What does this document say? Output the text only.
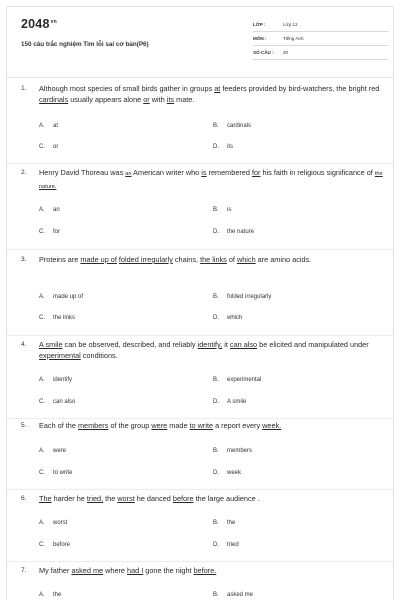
$2048^{vn}$
150 câu trắc nghiệm Tìm lỗi sai cơ bản(P6)
LỚP :	Lớp 12
MÔN :	Tiếng Anh
SỐ CÂU : 20
1. Although most species of small birds gather in groups at feeders provided by bird-watchers, the bright red cardinals usually appears alone or with its mate.
A. at	B. cardinals
C. or	D. its
2. Henry David Thoreau was an American writer who is remembered for his faith in religious significance of the nature.
A. an	B. is
C. for	D. the nature
3. Proteins are made up of folded irregularly chains, the links of which are amino acids.
A. made up of	B. folded irregularly
C. the links	D. which
4. A smile can be observed, described, and reliably identify, it can also be elicited and manipulated under experimental conditions.
A. identify	B. experimental
C. can also	D. A smile
5. Each of the members of the group were made to write a report every week.
A. were	B. members
C. to write	D. week
6. The harder he tried, the worst he danced before the large audience .
A. worst	B. the
C. before	D. tried
7. My father asked me where had I gone the night before.
A. the	B. asked me
